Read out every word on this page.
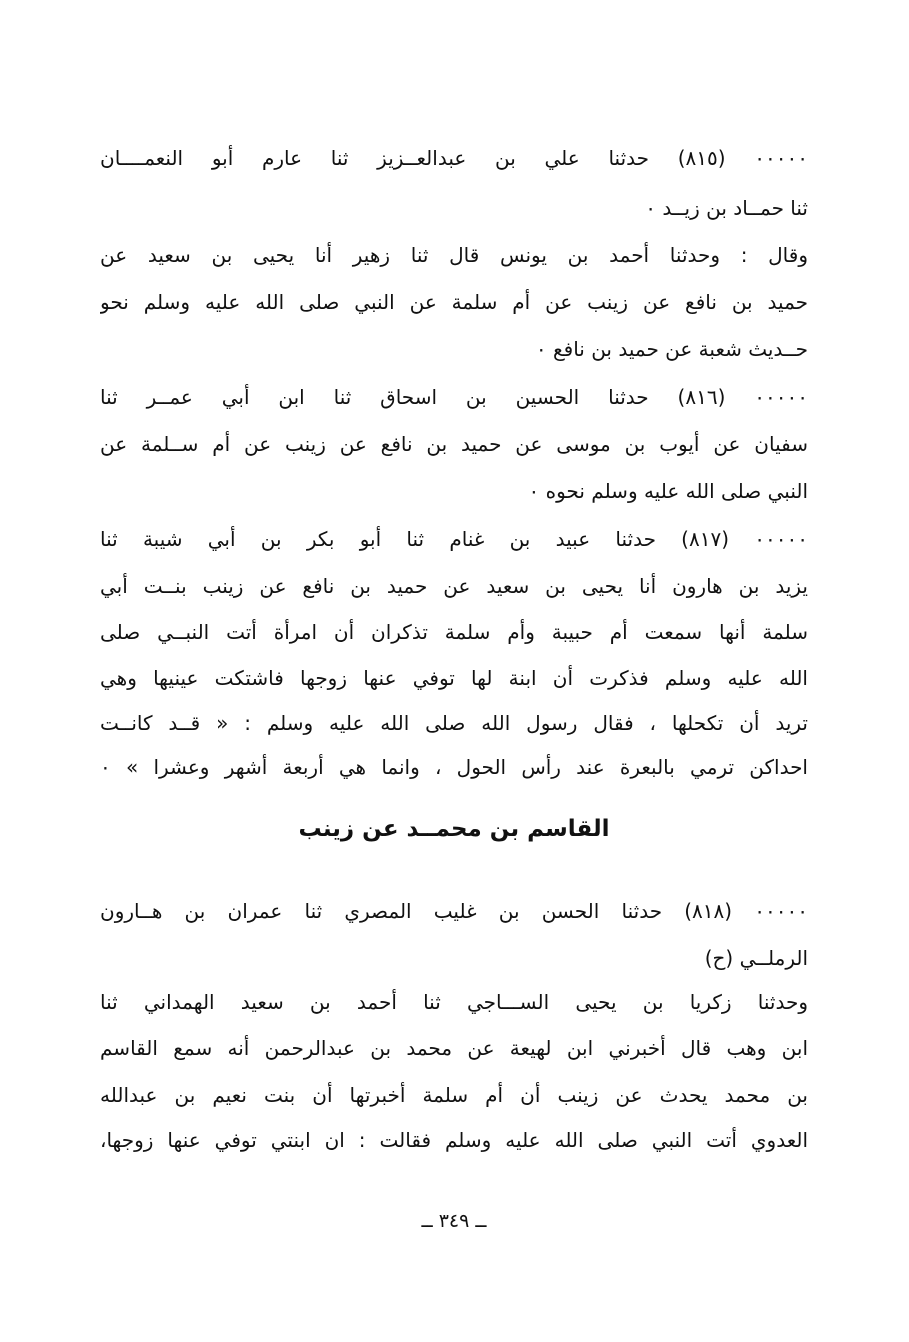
٠٠٠٠٠ (٨١٥) حدثنا علي بن عبدالعــزيز ثنا عارم أبو النعمــــان
ثنا حمــاد بن زيــد ٠
وقال : وحدثنا أحمد بن يونس قال ثنا زهير أنا يحيى بن سعيد عن
حميد بن نافع عن زينب عن أم سلمة عن النبي صلى الله عليه وسلم نحو
حــديث شعبة عن حميد بن نافع ٠
٠٠٠٠٠ (٨١٦) حدثنا الحسين بن اسحاق ثنا ابن أبي عمــر ثنا
سفيان عن أيوب بن موسى عن حميد بن نافع عن زينب عن أم ســلمة عن
النبي صلى الله عليه وسلم نحوه ٠
٠٠٠٠٠ (٨١٧) حدثنا عبيد بن غنام ثنا أبو بكر بن أبي شيبة ثنا
يزيد بن هارون أنا يحيى بن سعيد عن حميد بن نافع عن زينب بنــت أبي
سلمة أنها سمعت أم حبيبة وأم سلمة تذكران أن امرأة أتت النبــي صلى
الله عليه وسلم فذكرت أن ابنة لها توفي عنها زوجها فاشتكت عينيها وهي
تريد أن تكحلها ، فقال رسول الله صلى الله عليه وسلم : « قــد كانــت
احداكن ترمي بالبعرة عند رأس الحول ، وانما هي أربعة أشهر وعشرا » ٠
القاسم بن محمــد عن زينب
٠٠٠٠٠ (٨١٨) حدثنا الحسن بن غليب المصري ثنا عمران بن هــارون
الرملــي (ح)
وحدثنا زكريا بن يحيى الســـاجي ثنا أحمد بن سعيد الهمداني ثنا
ابن وهب قال أخبرني ابن لهيعة عن محمد بن عبدالرحمن أنه سمع القاسم
بن محمد يحدث عن زينب أن أم سلمة أخبرتها أن بنت نعيم بن عبدالله
العدوي أتت النبي صلى الله عليه وسلم فقالت : ان ابنتي توفي عنها زوجها،
ــ ٣٤٩ ــ
